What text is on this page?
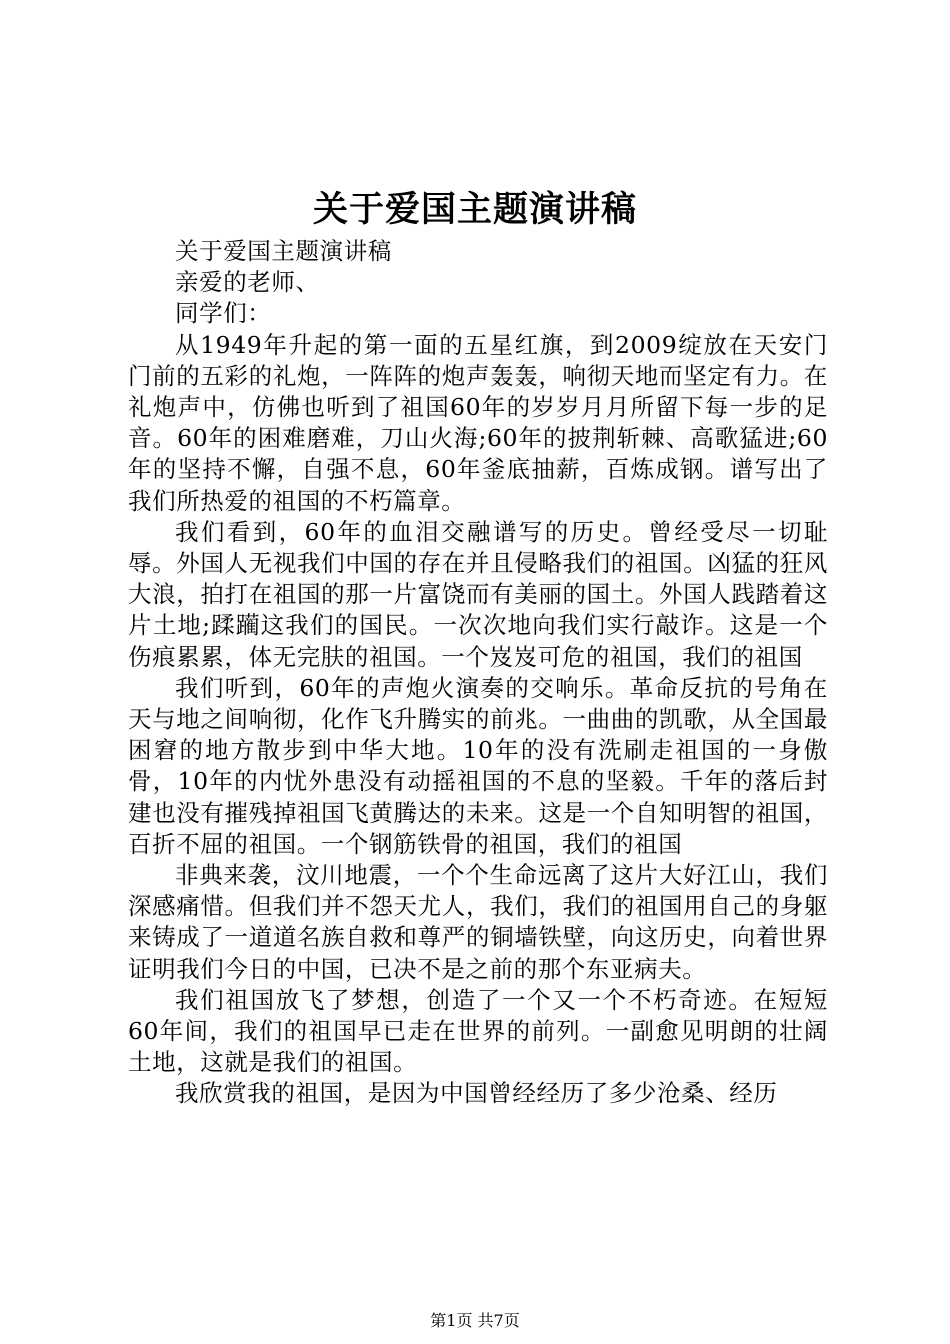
关于爱国主题演讲稿

关于爱国主题演讲稿

亲爱的老师、

同学们：

从1949年升起的第一面的五星红旗，到2009绽放在天安门门前的五彩的礼炮，一阵阵的炮声轰轰，响彻天地而坚定有力。在礼炮声中，仿佛也听到了祖国60年的岁岁月月所留下每一步的足音。60年的困难磨难，刀山火海;60年的披荆斩棘、高歌猛进;60年的坚持不懈，自强不息，60年釜底抽薪，百炼成钢。谱写出了我们所热爱的祖国的不朽篇章。

我们看到，60年的血泪交融谱写的历史。曾经受尽一切耻辱。外国人无视我们中国的存在并且侵略我们的祖国。凶猛的狂风大浪，拍打在祖国的那一片富饶而有美丽的国土。外国人践踏着这片土地;蹂躏这我们的国民。一次次地向我们实行敲诈。这是一个伤痕累累，体无完肤的祖国。一个岌岌可危的祖国，我们的祖国

我们听到，60年的声炮火演奏的交响乐。革命反抗的号角在天与地之间响彻，化作飞升腾实的前兆。一曲曲的凯歌，从全国最困窘的地方散步到中华大地。10年的没有洗刷走祖国的一身傲骨，10年的内忧外患没有动摇祖国的不息的坚毅。千年的落后封建也没有摧残掉祖国飞黄腾达的未来。这是一个自知明智的祖国，百折不屈的祖国。一个钢筋铁骨的祖国，我们的祖国

非典来袭，汶川地震，一个个生命远离了这片大好江山，我们深感痛惜。但我们并不怨天尤人，我们，我们的祖国用自己的身躯来铸成了一道道名族自救和尊严的铜墙铁壁，向这历史，向着世界证明我们今日的中国，已决不是之前的那个东亚病夫。

我们祖国放飞了梦想，创造了一个又一个不朽奇迹。在短短60年间，我们的祖国早已走在世界的前列。一副愈见明朗的壮阔土地，这就是我们的祖国。

我欣赏我的祖国，是因为中国曾经经历了多少沧桑、经历

第1页 共7页
